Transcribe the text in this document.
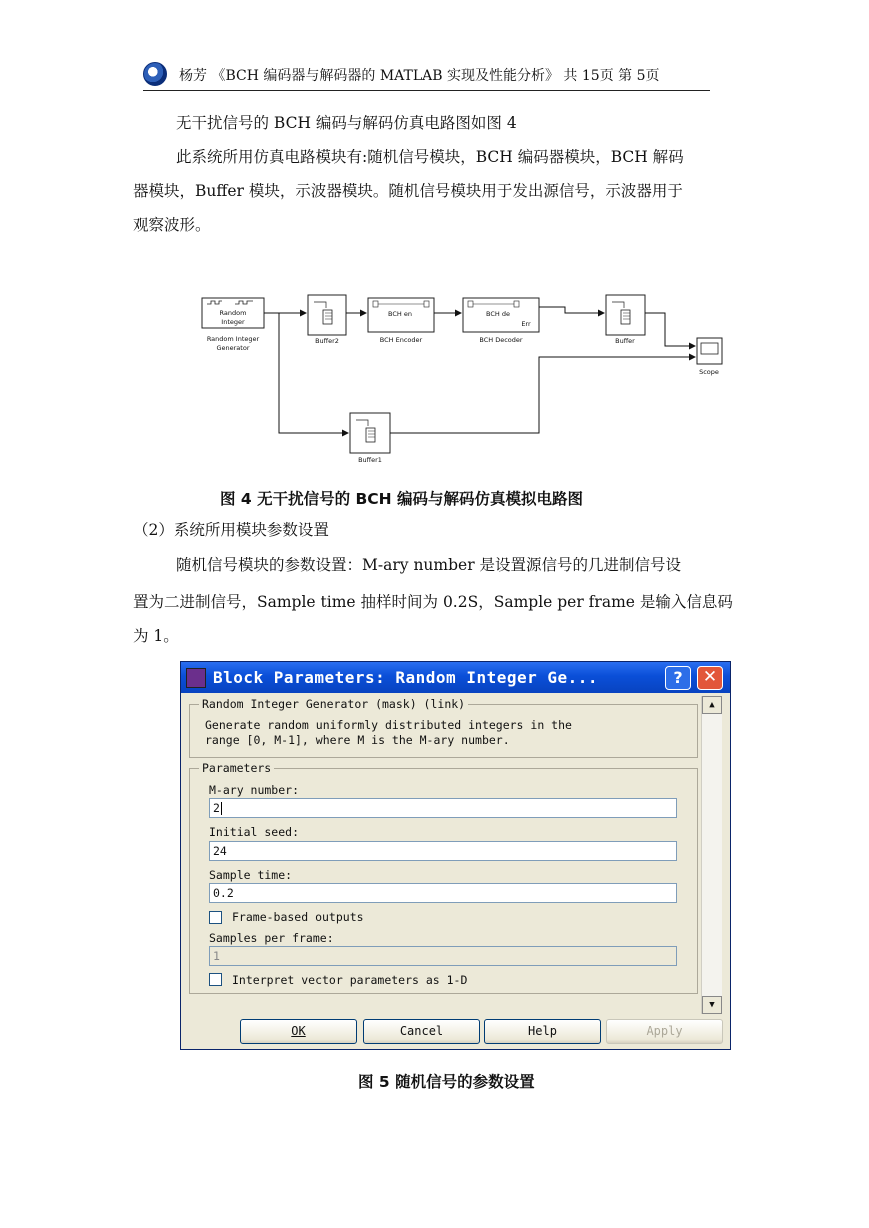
杨芳 《BCH 编码器与解码器的 MATLAB 实现及性能分析》 共 15页 第 5页
无干扰信号的 BCH 编码与解码仿真电路图如图 4
此系统所用仿真电路模块有:随机信号模块，BCH 编码器模块，BCH 解码
器模块，Buffer 模块，示波器模块。随机信号模块用于发出源信号，示波器用于
观察波形。
Random
Integer
Random Integer
Generator
Buffer2
BCH en
BCH Encoder
BCH de
Err
BCH Decoder	Buffer
Scope
Buffer1
图 4 无干扰信号的 BCH 编码与解码仿真模拟电路图
（2）系统所用模块参数设置
随机信号模块的参数设置：M-ary number 是设置源信号的几进制信号设
置为二进制信号，Sample time 抽样时间为 0.2S，Sample per frame 是输入信息码
为 1。
Block Parameters: Random Integer Ge...	?	✕
Random Integer Generator (mask) (link)
Generate random uniformly distributed integers in the
range [0, M-1], where M is the M-ary number.
Parameters
M-ary number:
2
Initial seed:
24
Sample time:
0.2
Frame-based outputs
Samples per frame:
1
Interpret vector parameters as 1-D
▲
▼
OK	Cancel	Help	Apply
图 5 随机信号的参数设置
